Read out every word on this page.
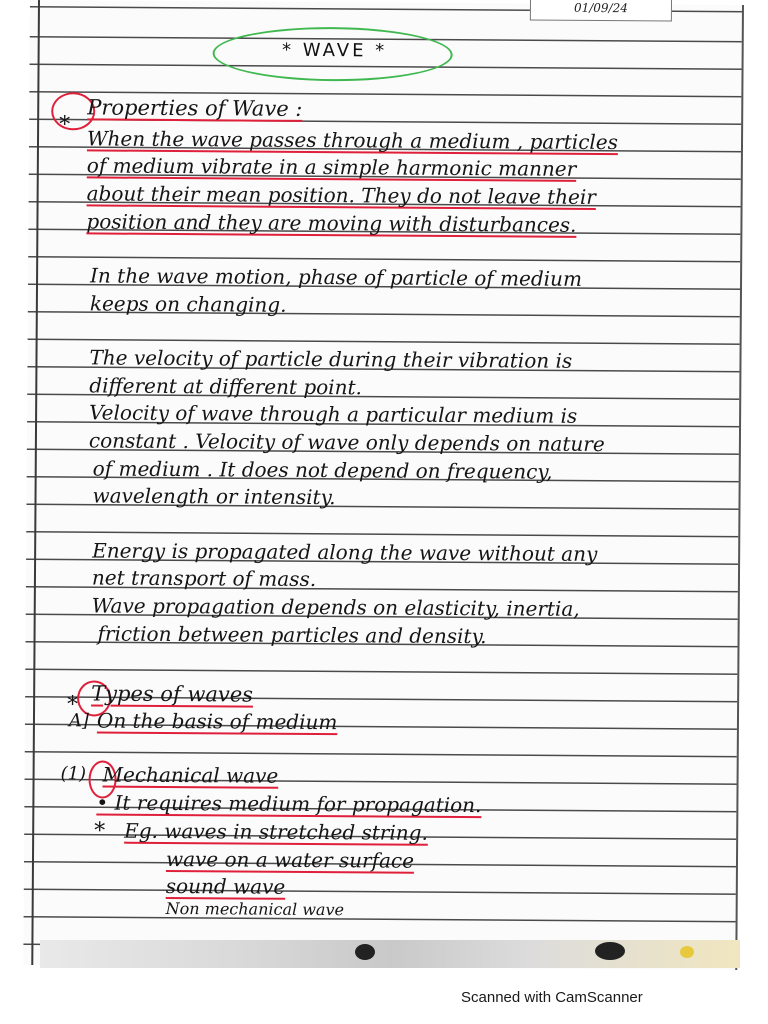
01/09/24
* WAVE *
*
Properties of Wave :
When the wave passes through a medium , particles
of medium vibrate in a simple harmonic manner
about their mean position. They do not leave their
position and they are moving with disturbances.
In the wave motion, phase of particle of medium
keeps on changing.
The velocity of particle during their vibration is
different at different point.
Velocity of wave through a particular medium is
constant . Velocity of wave only depends on nature
of medium . It does not depend on frequency,
wavelength or intensity.
Energy is propagated along the wave without any
net transport of mass.
Wave propagation depends on elasticity, inertia,
friction between particles and density.
* Types of waves
A] On the basis of medium
(1) Mechanical wave
• It requires medium for propagation.
* Eg. waves in stretched string.
wave on a water surface
sound wave
Non mechanical wave
Scanned with CamScanner
